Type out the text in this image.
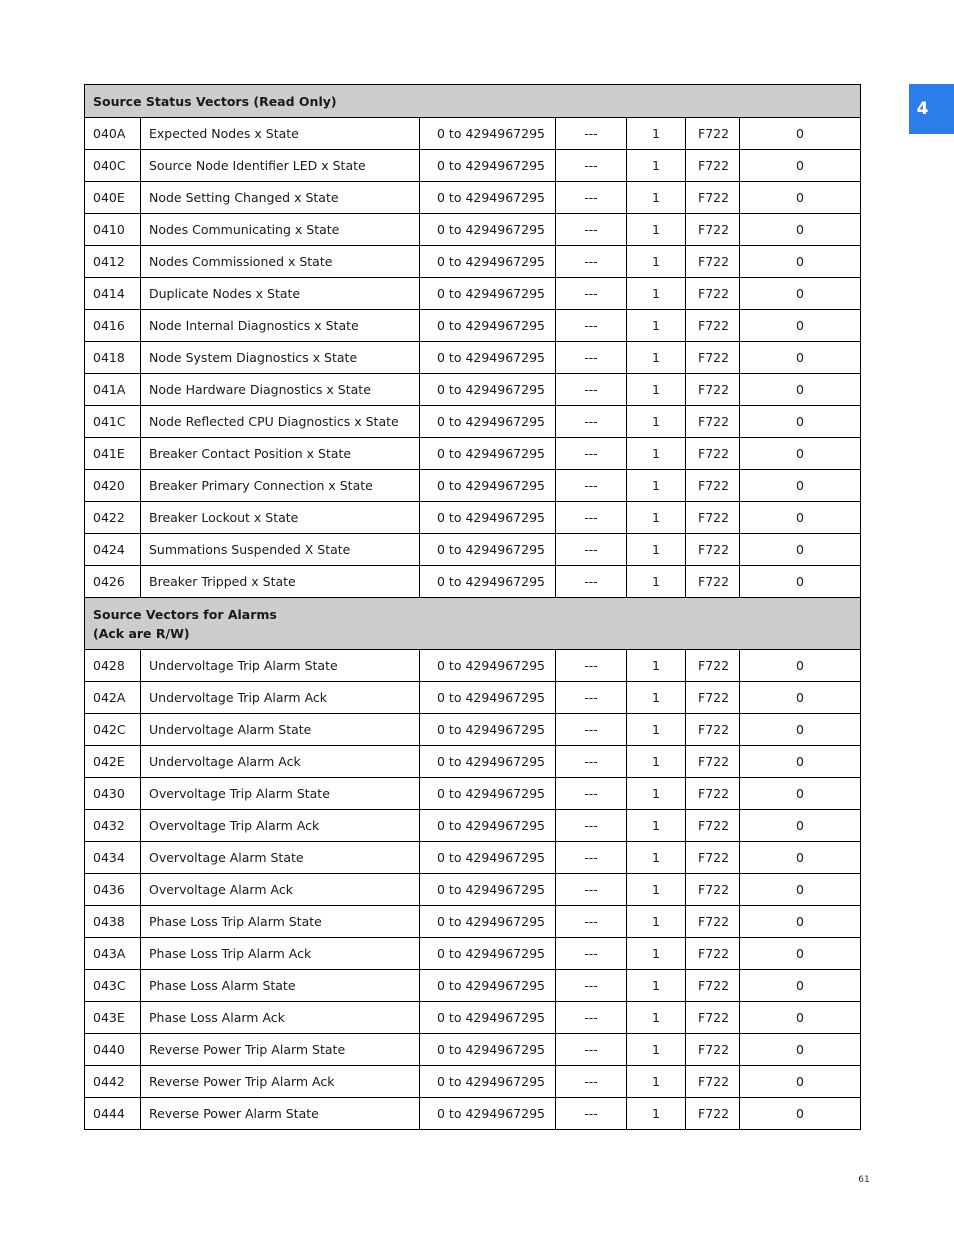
4
Source Status Vectors (Read Only)						

040A	Expected Nodes x State	0 to 4294967295	---	1	F722	0
040C	Source Node Identifier LED x State	0 to 4294967295	---	1	F722	0
040E	Node Setting Changed x State	0 to 4294967295	---	1	F722	0
0410	Nodes Communicating x State	0 to 4294967295	---	1	F722	0
0412	Nodes Commissioned x State	0 to 4294967295	---	1	F722	0
0414	Duplicate Nodes x State	0 to 4294967295	---	1	F722	0
0416	Node Internal Diagnostics x State	0 to 4294967295	---	1	F722	0
0418	Node System Diagnostics x State	0 to 4294967295	---	1	F722	0
041A	Node Hardware Diagnostics x State	0 to 4294967295	---	1	F722	0
041C	Node Reflected CPU Diagnostics x State	0 to 4294967295	---	1	F722	0
041E	Breaker Contact Position x State	0 to 4294967295	---	1	F722	0
0420	Breaker Primary Connection x State	0 to 4294967295	---	1	F722	0
0422	Breaker Lockout x State	0 to 4294967295	---	1	F722	0
0424	Summations Suspended X State	0 to 4294967295	---	1	F722	0
0426	Breaker Tripped x State	0 to 4294967295	---	1	F722	0

Source Vectors for Alarms
(Ack are R/W)						

0428	Undervoltage Trip Alarm State	0 to 4294967295	---	1	F722	0
042A	Undervoltage Trip Alarm Ack	0 to 4294967295	---	1	F722	0
042C	Undervoltage Alarm State	0 to 4294967295	---	1	F722	0
042E	Undervoltage Alarm Ack	0 to 4294967295	---	1	F722	0
0430	Overvoltage Trip Alarm State	0 to 4294967295	---	1	F722	0
0432	Overvoltage Trip Alarm Ack	0 to 4294967295	---	1	F722	0
0434	Overvoltage Alarm State	0 to 4294967295	---	1	F722	0
0436	Overvoltage Alarm Ack	0 to 4294967295	---	1	F722	0
0438	Phase Loss Trip Alarm State	0 to 4294967295	---	1	F722	0
043A	Phase Loss Trip Alarm Ack	0 to 4294967295	---	1	F722	0
043C	Phase Loss Alarm State	0 to 4294967295	---	1	F722	0
043E	Phase Loss Alarm Ack	0 to 4294967295	---	1	F722	0
0440	Reverse Power Trip Alarm State	0 to 4294967295	---	1	F722	0
0442	Reverse Power Trip Alarm Ack	0 to 4294967295	---	1	F722	0
0444	Reverse Power Alarm State	0 to 4294967295	---	1	F722	0
61
